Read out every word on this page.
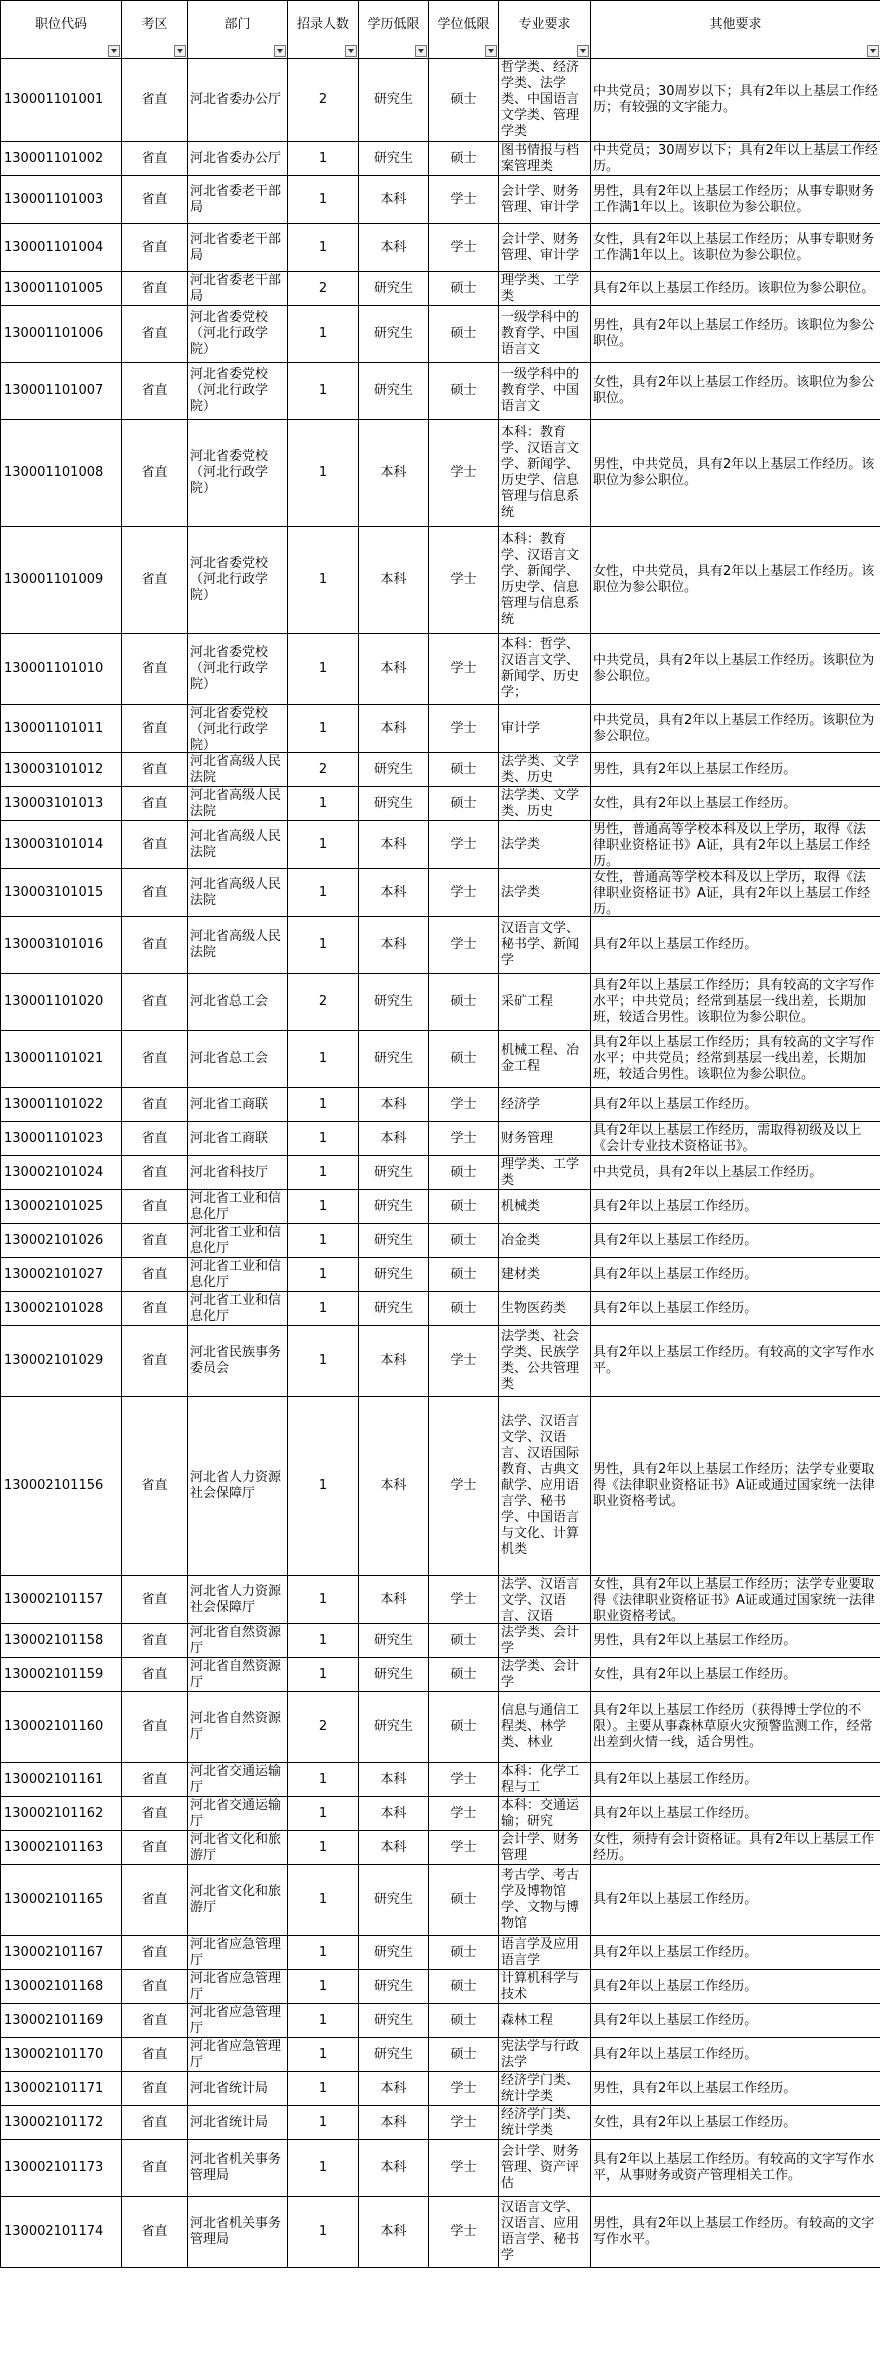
职位代码	考区	部门	招录人数	学历低限	学位低限	专业要求	其他要求

130001101001	省直	河北省委办公厅	2	研究生	硕士	哲学类、经济学类、法学类、中国语言文学类、管理学类	中共党员；30周岁以下；具有2年以上基层工作经历；有较强的文字能力。

130001101002	省直	河北省委办公厅	1	研究生	硕士	图书情报与档案管理类	中共党员；30周岁以下；具有2年以上基层工作经历。

130001101003	省直	河北省委老干部局	1	本科	学士	会计学、财务管理、审计学	男性，具有2年以上基层工作经历；从事专职财务工作满1年以上。该职位为参公职位。

130001101004	省直	河北省委老干部局	1	本科	学士	会计学、财务管理、审计学	女性，具有2年以上基层工作经历；从事专职财务工作满1年以上。该职位为参公职位。

130001101005	省直	河北省委老干部局	2	研究生	硕士	理学类、工学类	具有2年以上基层工作经历。该职位为参公职位。

130001101006	省直	河北省委党校（河北行政学院）	1	研究生	硕士	一级学科中的教育学、中国语言文	男性，具有2年以上基层工作经历。该职位为参公职位。

130001101007	省直	河北省委党校（河北行政学院）	1	研究生	硕士	一级学科中的教育学、中国语言文	女性，具有2年以上基层工作经历。该职位为参公职位。

130001101008	省直	河北省委党校（河北行政学院）	1	本科	学士	本科：教育学、汉语言文学、新闻学、历史学、信息管理与信息系统	男性，中共党员，具有2年以上基层工作经历。该职位为参公职位。

130001101009	省直	河北省委党校（河北行政学院）	1	本科	学士	本科：教育学、汉语言文学、新闻学、历史学、信息管理与信息系统	女性，中共党员，具有2年以上基层工作经历。该职位为参公职位。

130001101010	省直	河北省委党校（河北行政学院）	1	本科	学士	本科：哲学、汉语言文学、新闻学、历史学；	中共党员，具有2年以上基层工作经历。该职位为参公职位。

130001101011	省直	河北省委党校（河北行政学院）	1	本科	学士	审计学	中共党员，具有2年以上基层工作经历。该职位为参公职位。

130003101012	省直	河北省高级人民法院	2	研究生	硕士	法学类、文学类、历史	男性，具有2年以上基层工作经历。

130003101013	省直	河北省高级人民法院	1	研究生	硕士	法学类、文学类、历史	女性，具有2年以上基层工作经历。

130003101014	省直	河北省高级人民法院	1	本科	学士	法学类	男性，普通高等学校本科及以上学历，取得《法律职业资格证书》A证，具有2年以上基层工作经历。

130003101015	省直	河北省高级人民法院	1	本科	学士	法学类	女性，普通高等学校本科及以上学历，取得《法律职业资格证书》A证，具有2年以上基层工作经历。

130003101016	省直	河北省高级人民法院	1	本科	学士	汉语言文学、秘书学、新闻学	具有2年以上基层工作经历。

130001101020	省直	河北省总工会	2	研究生	硕士	采矿工程	具有2年以上基层工作经历；具有较高的文字写作水平；中共党员；经常到基层一线出差，长期加班，较适合男性。该职位为参公职位。

130001101021	省直	河北省总工会	1	研究生	硕士	机械工程、冶金工程	具有2年以上基层工作经历；具有较高的文字写作水平；中共党员；经常到基层一线出差，长期加班，较适合男性。该职位为参公职位。

130001101022	省直	河北省工商联	1	本科	学士	经济学	具有2年以上基层工作经历。

130001101023	省直	河北省工商联	1	本科	学士	财务管理	具有2年以上基层工作经历，需取得初级及以上《会计专业技术资格证书》。

130002101024	省直	河北省科技厅	1	研究生	硕士	理学类、工学类	中共党员，具有2年以上基层工作经历。

130002101025	省直	河北省工业和信息化厅	1	研究生	硕士	机械类	具有2年以上基层工作经历。

130002101026	省直	河北省工业和信息化厅	1	研究生	硕士	冶金类	具有2年以上基层工作经历。

130002101027	省直	河北省工业和信息化厅	1	研究生	硕士	建材类	具有2年以上基层工作经历。

130002101028	省直	河北省工业和信息化厅	1	研究生	硕士	生物医药类	具有2年以上基层工作经历。

130002101029	省直	河北省民族事务委员会	1	本科	学士	法学类、社会学类、民族学类、公共管理类	具有2年以上基层工作经历。有较高的文字写作水平。

130002101156	省直	河北省人力资源社会保障厅	1	本科	学士	法学、汉语言文学、汉语言、汉语国际教育、古典文献学、应用语言学、秘书学、中国语言与文化、计算机类	男性，具有2年以上基层工作经历；法学专业要取得《法律职业资格证书》A证或通过国家统一法律职业资格考试。

130002101157	省直	河北省人力资源社会保障厅	1	本科	学士	法学、汉语言文学、汉语言、汉语	女性，具有2年以上基层工作经历；法学专业要取得《法律职业资格证书》A证或通过国家统一法律职业资格考试。

130002101158	省直	河北省自然资源厅	1	研究生	硕士	法学类、会计学	男性，具有2年以上基层工作经历。

130002101159	省直	河北省自然资源厅	1	研究生	硕士	法学类、会计学	女性，具有2年以上基层工作经历。

130002101160	省直	河北省自然资源厅	2	研究生	硕士	信息与通信工程类、林学类、林业	具有2年以上基层工作经历（获得博士学位的不限）。主要从事森林草原火灾预警监测工作，经常出差到火情一线，适合男性。

130002101161	省直	河北省交通运输厅	1	本科	学士	本科：化学工程与工	具有2年以上基层工作经历。

130002101162	省直	河北省交通运输厅	1	本科	学士	本科：交通运输；研究	具有2年以上基层工作经历。

130002101163	省直	河北省文化和旅游厅	1	本科	学士	会计学、财务管理	女性，须持有会计资格证。具有2年以上基层工作经历。

130002101165	省直	河北省文化和旅游厅	1	研究生	硕士	考古学、考古学及博物馆学、文物与博物馆	具有2年以上基层工作经历。

130002101167	省直	河北省应急管理厅	1	研究生	硕士	语言学及应用语言学	具有2年以上基层工作经历。

130002101168	省直	河北省应急管理厅	1	研究生	硕士	计算机科学与技术	具有2年以上基层工作经历。

130002101169	省直	河北省应急管理厅	1	研究生	硕士	森林工程	具有2年以上基层工作经历。

130002101170	省直	河北省应急管理厅	1	研究生	硕士	宪法学与行政法学	具有2年以上基层工作经历。

130002101171	省直	河北省统计局	1	本科	学士	经济学门类、统计学类	男性，具有2年以上基层工作经历。

130002101172	省直	河北省统计局	1	本科	学士	经济学门类、统计学类	女性，具有2年以上基层工作经历。

130002101173	省直	河北省机关事务管理局	1	本科	学士	会计学、财务管理、资产评估	具有2年以上基层工作经历。有较高的文字写作水平，从事财务或资产管理相关工作。

130002101174	省直	河北省机关事务管理局	1	本科	学士	汉语言文学、汉语言、应用语言学、秘书学	男性，具有2年以上基层工作经历。有较高的文字写作水平。
